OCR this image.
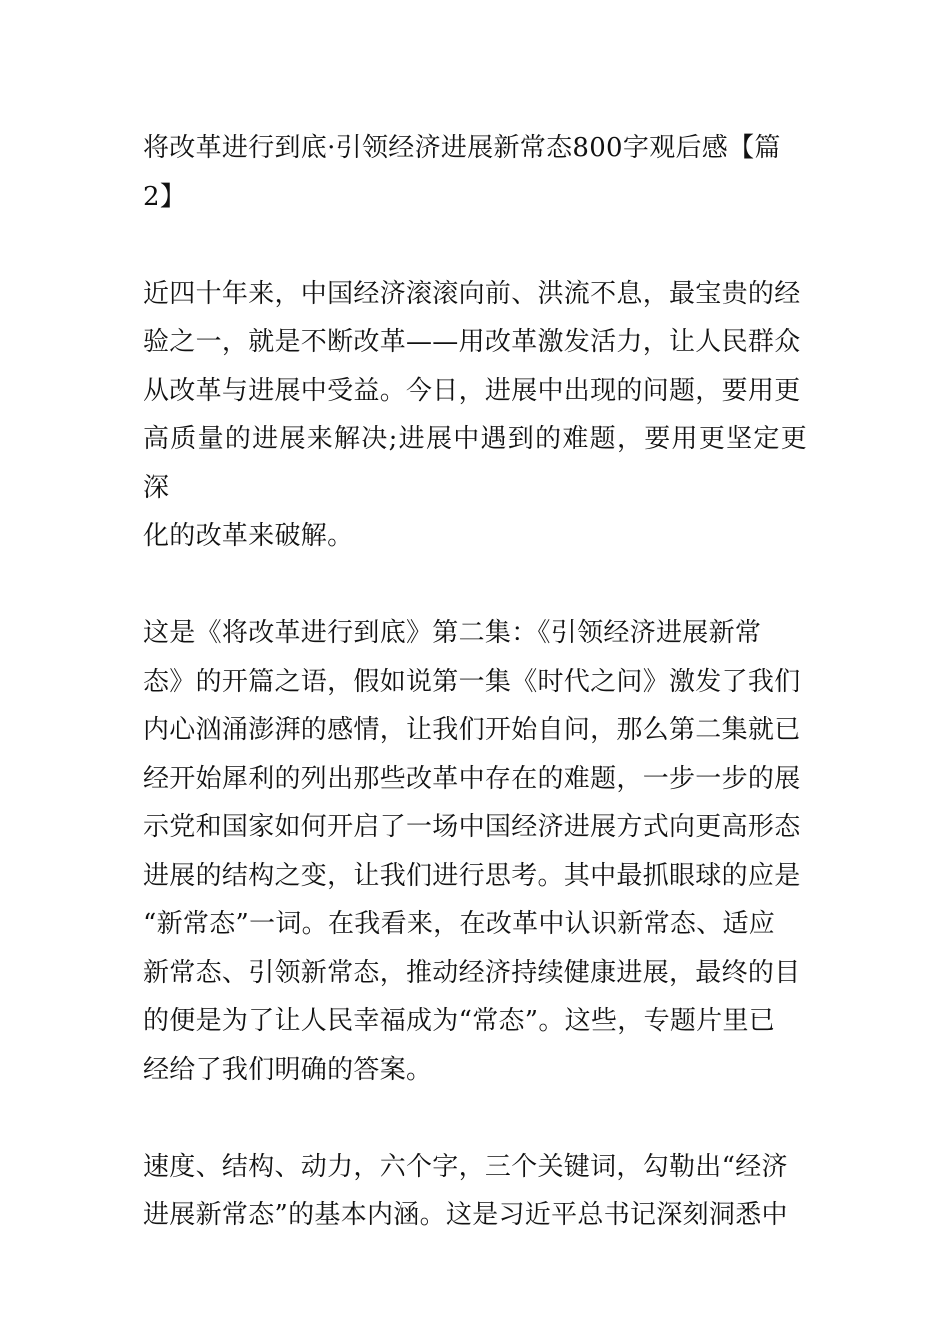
将改革进行到底·引领经济进展新常态800字观后感【篇

2】

近四十年来，中国经济滚滚向前、洪流不息，最宝贵的经

验之一，就是不断改革——用改革激发活力，让人民群众

从改革与进展中受益。今日，进展中出现的问题，要用更

高质量的进展来解决;进展中遇到的难题，要用更坚定更深

化的改革来破解。

这是《将改革进行到底》第二集：《引领经济进展新常

态》的开篇之语，假如说第一集《时代之问》激发了我们

内心汹涌澎湃的感情，让我们开始自问，那么第二集就已

经开始犀利的列出那些改革中存在的难题，一步一步的展

示党和国家如何开启了一场中国经济进展方式向更高形态

进展的结构之变，让我们进行思考。其中最抓眼球的应是

“新常态”一词。在我看来，在改革中认识新常态、适应

新常态、引领新常态，推动经济持续健康进展，最终的目

的便是为了让人民幸福成为“常态”。这些，专题片里已

经给了我们明确的答案。

速度、结构、动力，六个字，三个关键词，勾勒出“经济

进展新常态”的基本内涵。这是习近平总书记深刻洞悉中
